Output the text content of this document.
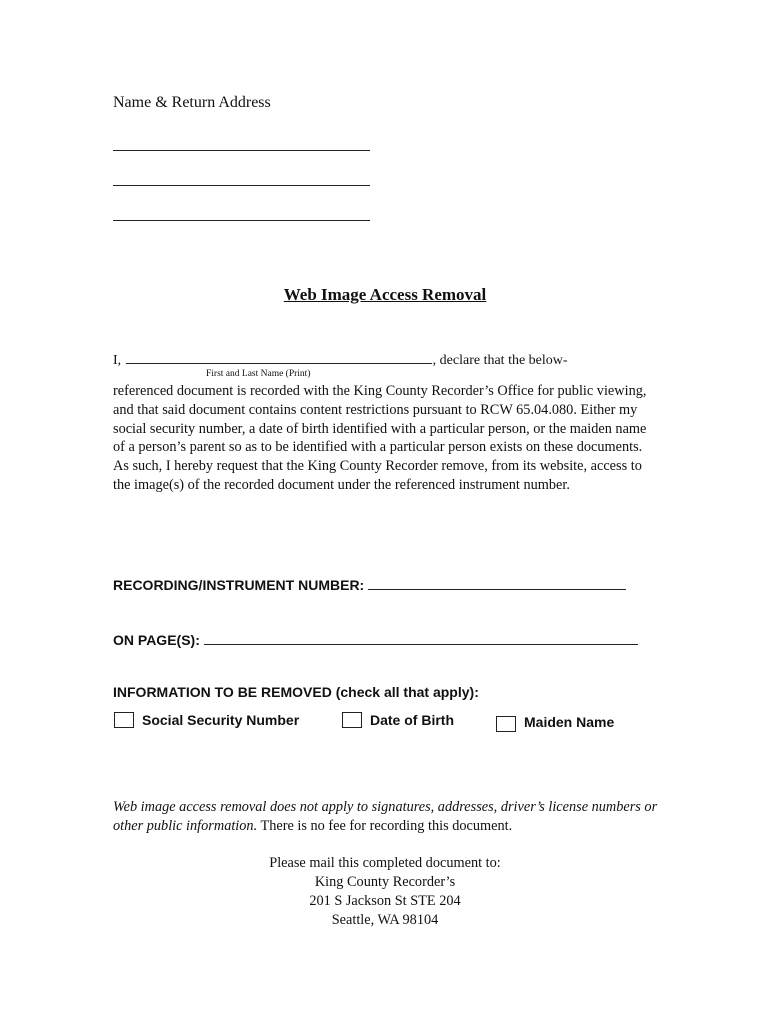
Name & Return Address
Web Image Access Removal
I,	, declare that the below-
First and Last Name (Print)
referenced document is recorded with the King County Recorder’s Office for public viewing, and that said document contains content restrictions pursuant to RCW 65.04.080. Either my social security number, a date of birth identified with a particular person, or the maiden name of a person’s parent so as to be identified with a particular person exists on these documents. As such, I hereby request that the King County Recorder remove, from its website, access to the image(s) of the recorded document under the referenced instrument number.
RECORDING/INSTRUMENT NUMBER:
ON PAGE(S):
INFORMATION TO BE REMOVED (check all that apply):
Social Security Number	Date of Birth	Maiden Name
Web image access removal does not apply to signatures, addresses, driver’s license numbers or other public information. There is no fee for recording this document.
Please mail this completed document to:
King County Recorder’s
201 S Jackson St STE 204
Seattle, WA 98104
